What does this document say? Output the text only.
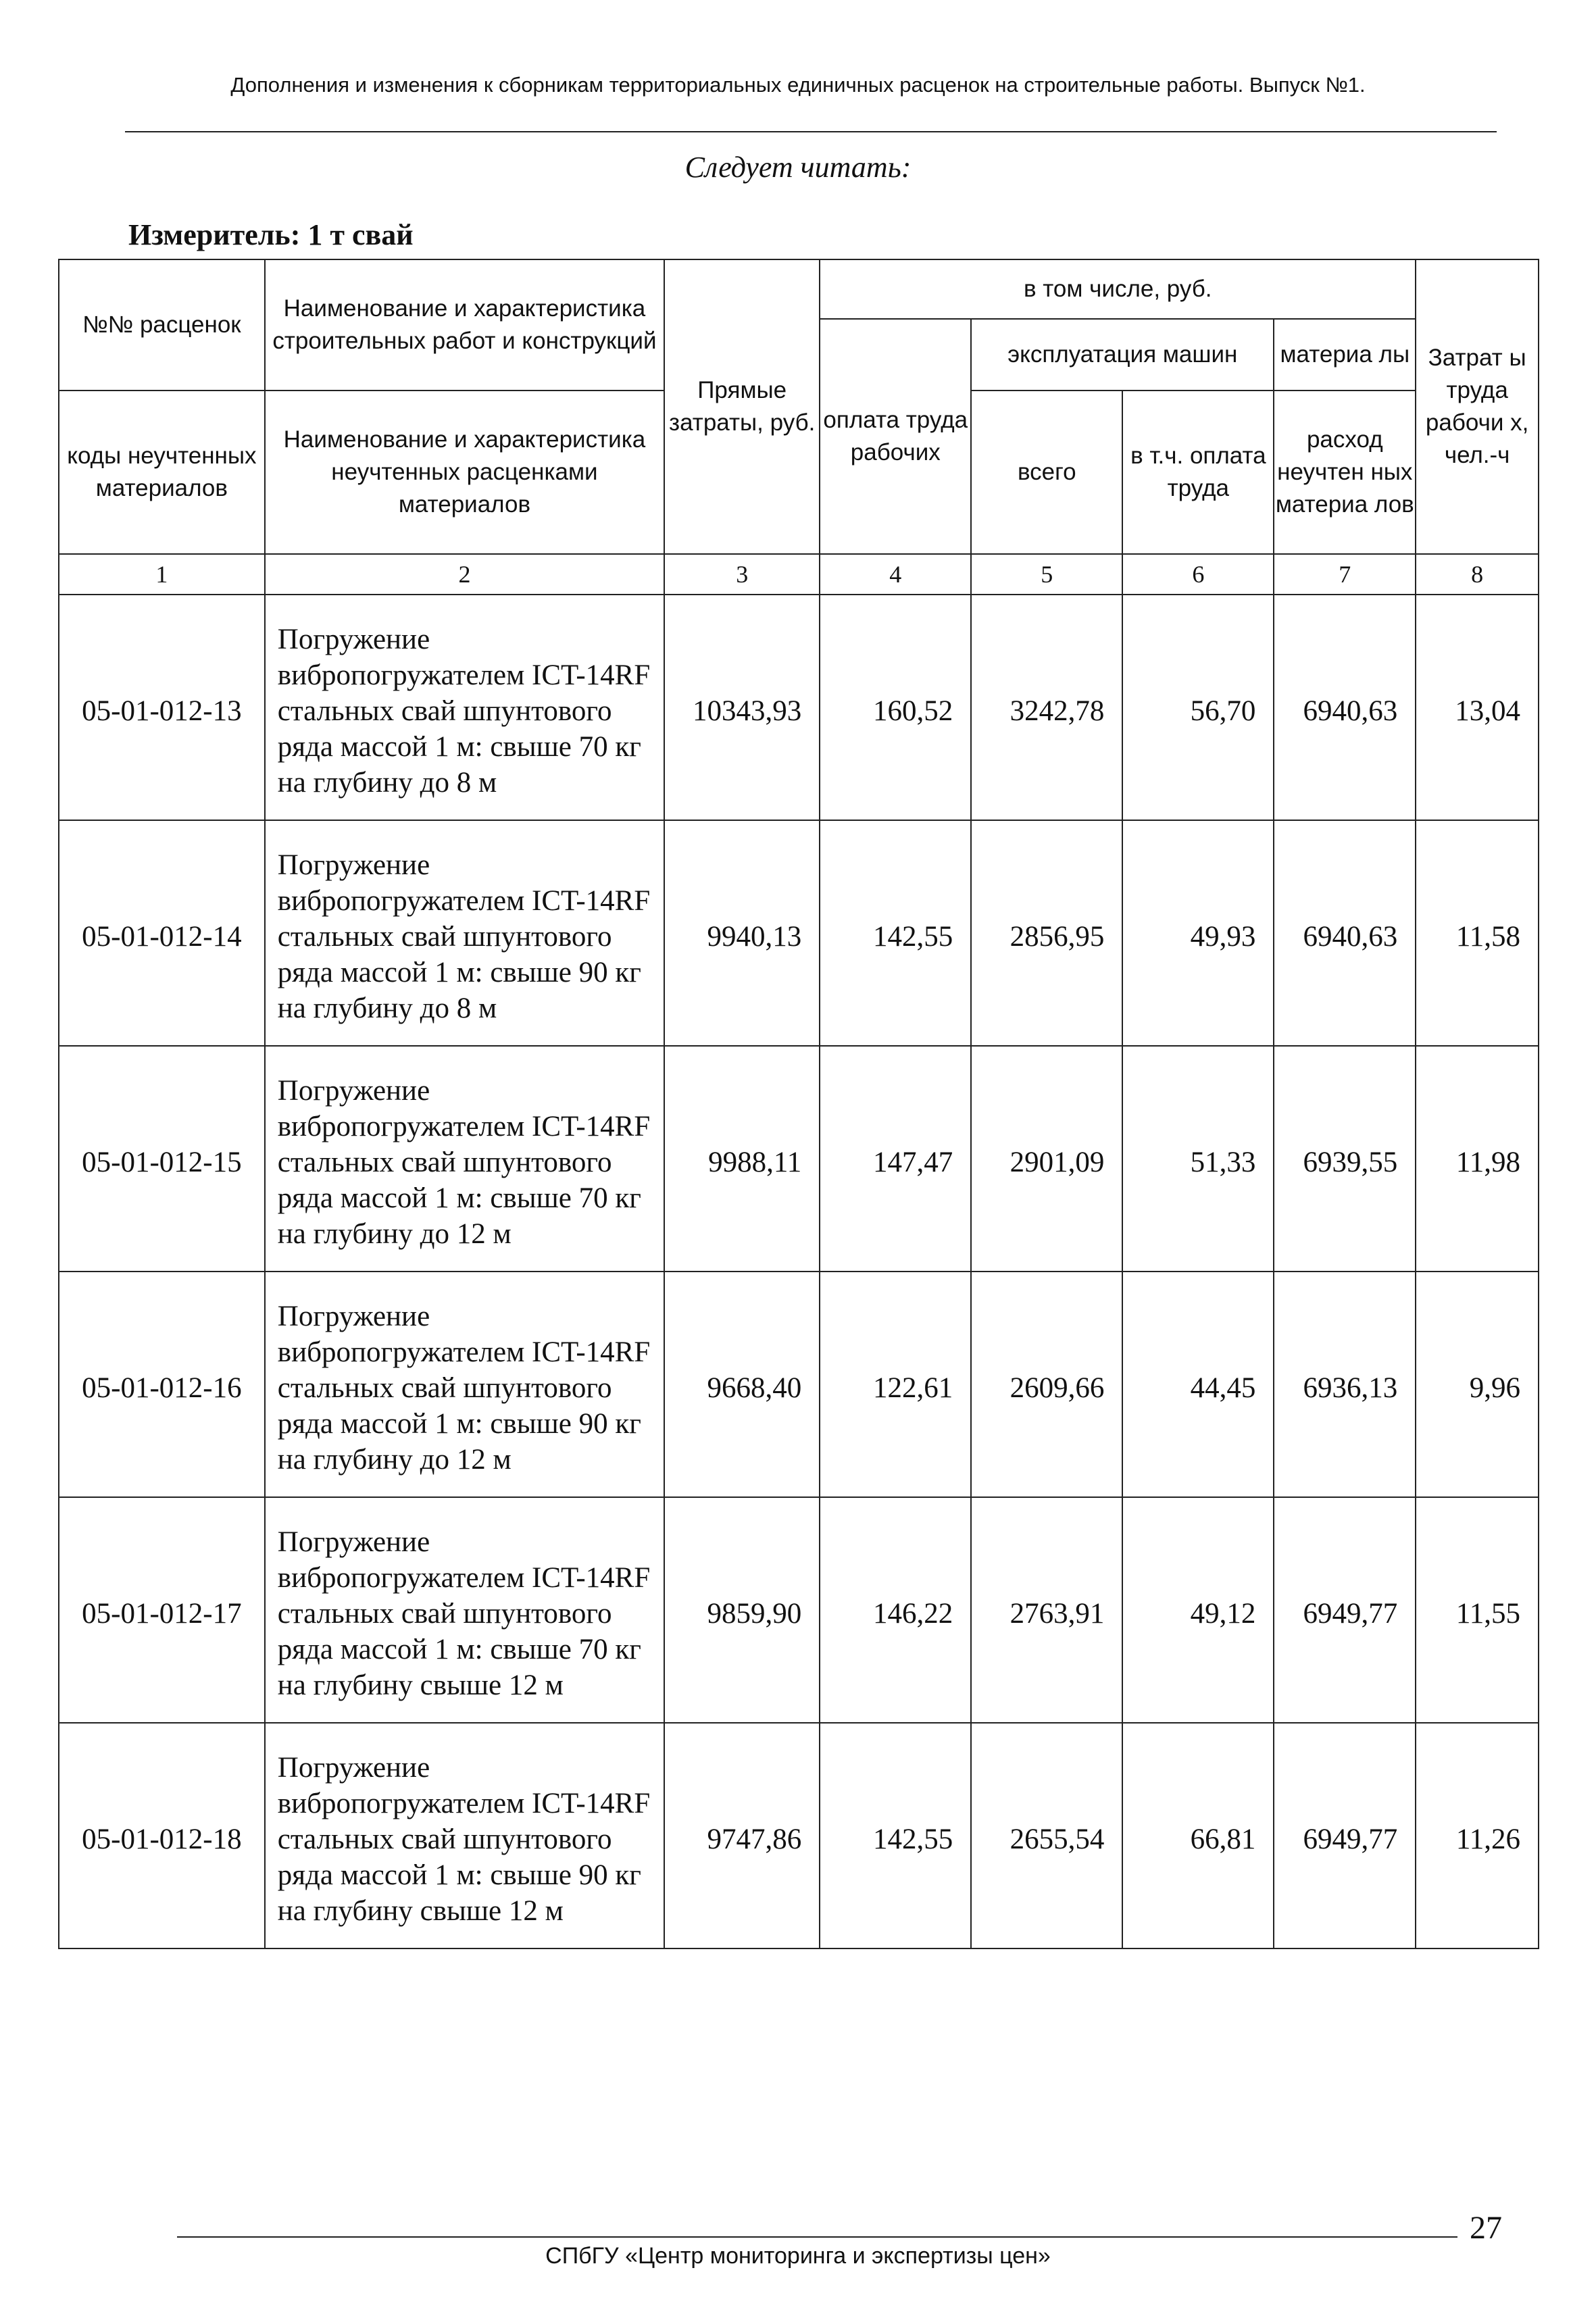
Дополнения и изменения к сборникам территориальных единичных расценок на строительные работы. Выпуск №1.
Следует читать:
Измеритель: 1 т свай
№№ расценок	Наименование и характеристика строительных работ и конструкций	Прямые затраты, руб.	в том числе, руб.				Затрат ы труда рабочи х, чел.-ч
			оплата труда рабочих	эксплуатация машин		материа лы	
коды неучтенных материалов	Наименование и характеристика неучтенных расценками материалов					расход неучтен ных материа лов	
				всего	в т.ч. оплата труда		
1	2	3	4	5	6	7	8
05-01-012-13	Погружение вибропогружателем ICT-14RF стальных свай шпунтового ряда массой 1 м: свыше 70 кг на глубину до 8 м	10343,93	160,52	3242,78	56,70	6940,63	13,04
05-01-012-14	Погружение вибропогружателем ICT-14RF стальных свай шпунтового ряда массой 1 м: свыше 90 кг на глубину до 8 м	9940,13	142,55	2856,95	49,93	6940,63	11,58
05-01-012-15	Погружение вибропогружателем ICT-14RF стальных свай шпунтового ряда массой 1 м: свыше 70 кг на глубину до 12 м	9988,11	147,47	2901,09	51,33	6939,55	11,98
05-01-012-16	Погружение вибропогружателем ICT-14RF стальных свай шпунтового ряда массой 1 м: свыше 90 кг на глубину до 12 м	9668,40	122,61	2609,66	44,45	6936,13	9,96
05-01-012-17	Погружение вибропогружателем ICT-14RF стальных свай шпунтового ряда массой 1 м: свыше 70 кг на глубину свыше 12 м	9859,90	146,22	2763,91	49,12	6949,77	11,55
05-01-012-18	Погружение вибропогружателем ICT-14RF стальных свай шпунтового ряда массой 1 м: свыше 90 кг на глубину свыше 12 м	9747,86	142,55	2655,54	66,81	6949,77	11,26
27
СПбГУ «Центр мониторинга и экспертизы цен»
